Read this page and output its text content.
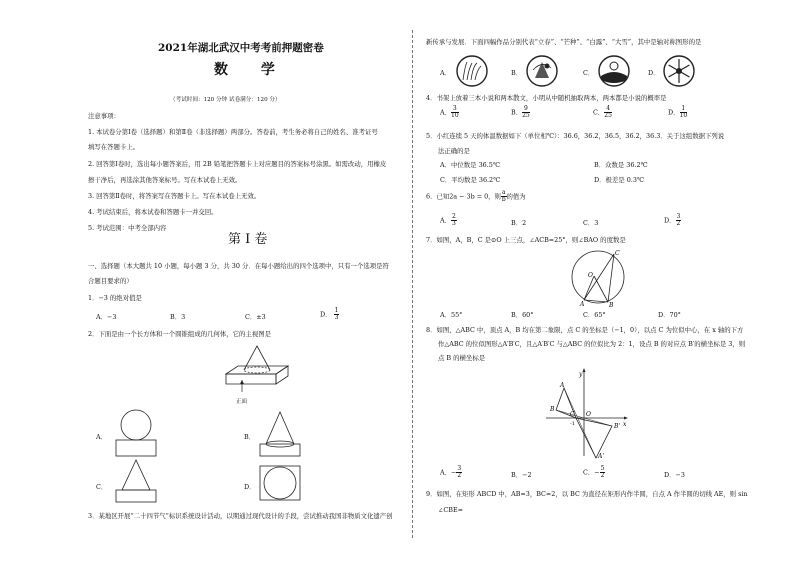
2021年湖北武汉中考考前押题密卷
数 学
（考试时间：120 分钟 试卷满分：120 分）
注意事项：
1. 本试卷分第Ⅰ卷（选择题）和第Ⅱ卷（非选择题）两部分。答卷前，考生务必将自己的姓名、准考证号
填写在答题卡上。
2. 回答第Ⅰ卷时，选出每小题答案后，用 2B 铅笔把答题卡上对应题目的答案标号涂黑。如需改动，用橡皮
擦干净后，再选涂其他答案标号。写在本试卷上无效。
3. 回答第Ⅱ卷时，将答案写在答题卡上。写在本试卷上无效。
4. 考试结束后，将本试卷和答题卡一并交回。
5. 考试范围：中考全部内容
第 Ⅰ 卷
一、选择题（本大题共 10 小题，每小题 3 分，共 30 分．在每小题给出的四个选项中，只有一个选项是符
合题目要求的）
1．−3 的绝对值是
A．−3	B．3	C．±3	D． $\frac{1}{3}$
2．下面是由一个长方体和一个圆锥组成的几何体，它的主视图是
正面
A．	B．
C．	D．
3．某地区开展“二十四节气”标识系统设计活动，以期通过现代设计的手段，尝试推动我国非物质文化遗产创
新传承与发展．下面四幅作品分别代表“立春”、“芒种”、“白露”、“大雪”，其中是轴对称图形的是
A．	B．	C．	D．
4．书架上放着三本小说和两本散文，小明从中随机抽取两本，两本都是小说的概率是
A． $\frac{3}{10}$	B． $\frac{9}{25}$	C． $\frac{4}{25}$	D． $\frac{1}{10}$
5．小红连续 5 天的体温数据如下（单位相℃）：36.6，36.2，36.5，36.2，36.3．关于这组数据下列说
法正确的是
A．中位数是 36.5℃	B．众数是 36.2℃
C．平均数是 36.2℃	D．极差是 0.3℃
6．已知2a − 3b = 0，则 $\frac{a}{b}$ 的值为
A． $\frac{2}{3}$	B．2	C．3	D． $\frac{3}{2}$
7．如图，A，B，C 是⊙O 上三点，∠ACB=25°，则∠BAO 的度数是
A	B
C
O
A．55°	B．60°	C．65°	D．70°
8．如图，△ABC 中，顶点 A，B 均在第二象限，点 C 的坐标是（−1，0），以点 C 为位似中心，在 x 轴的下方
作△ABC 的位似图形△A′B′C，且△A′B′C 与△ABC 的位似比为 2：1，设点 B 的对应点 B′的横坐标是 3，则
点 B 的横坐标是
y
x
A
B
C O
-1	B'
A'
A．− $\frac{3}{2}$	B．−2	C．− $\frac{5}{2}$	D．−3
9．如图，在矩形 ABCD 中，AB=3，BC=2，以 BC 为直径在矩形内作半圆，自点 A 作半圆的切线 AE，则 sin
∠CBE=
